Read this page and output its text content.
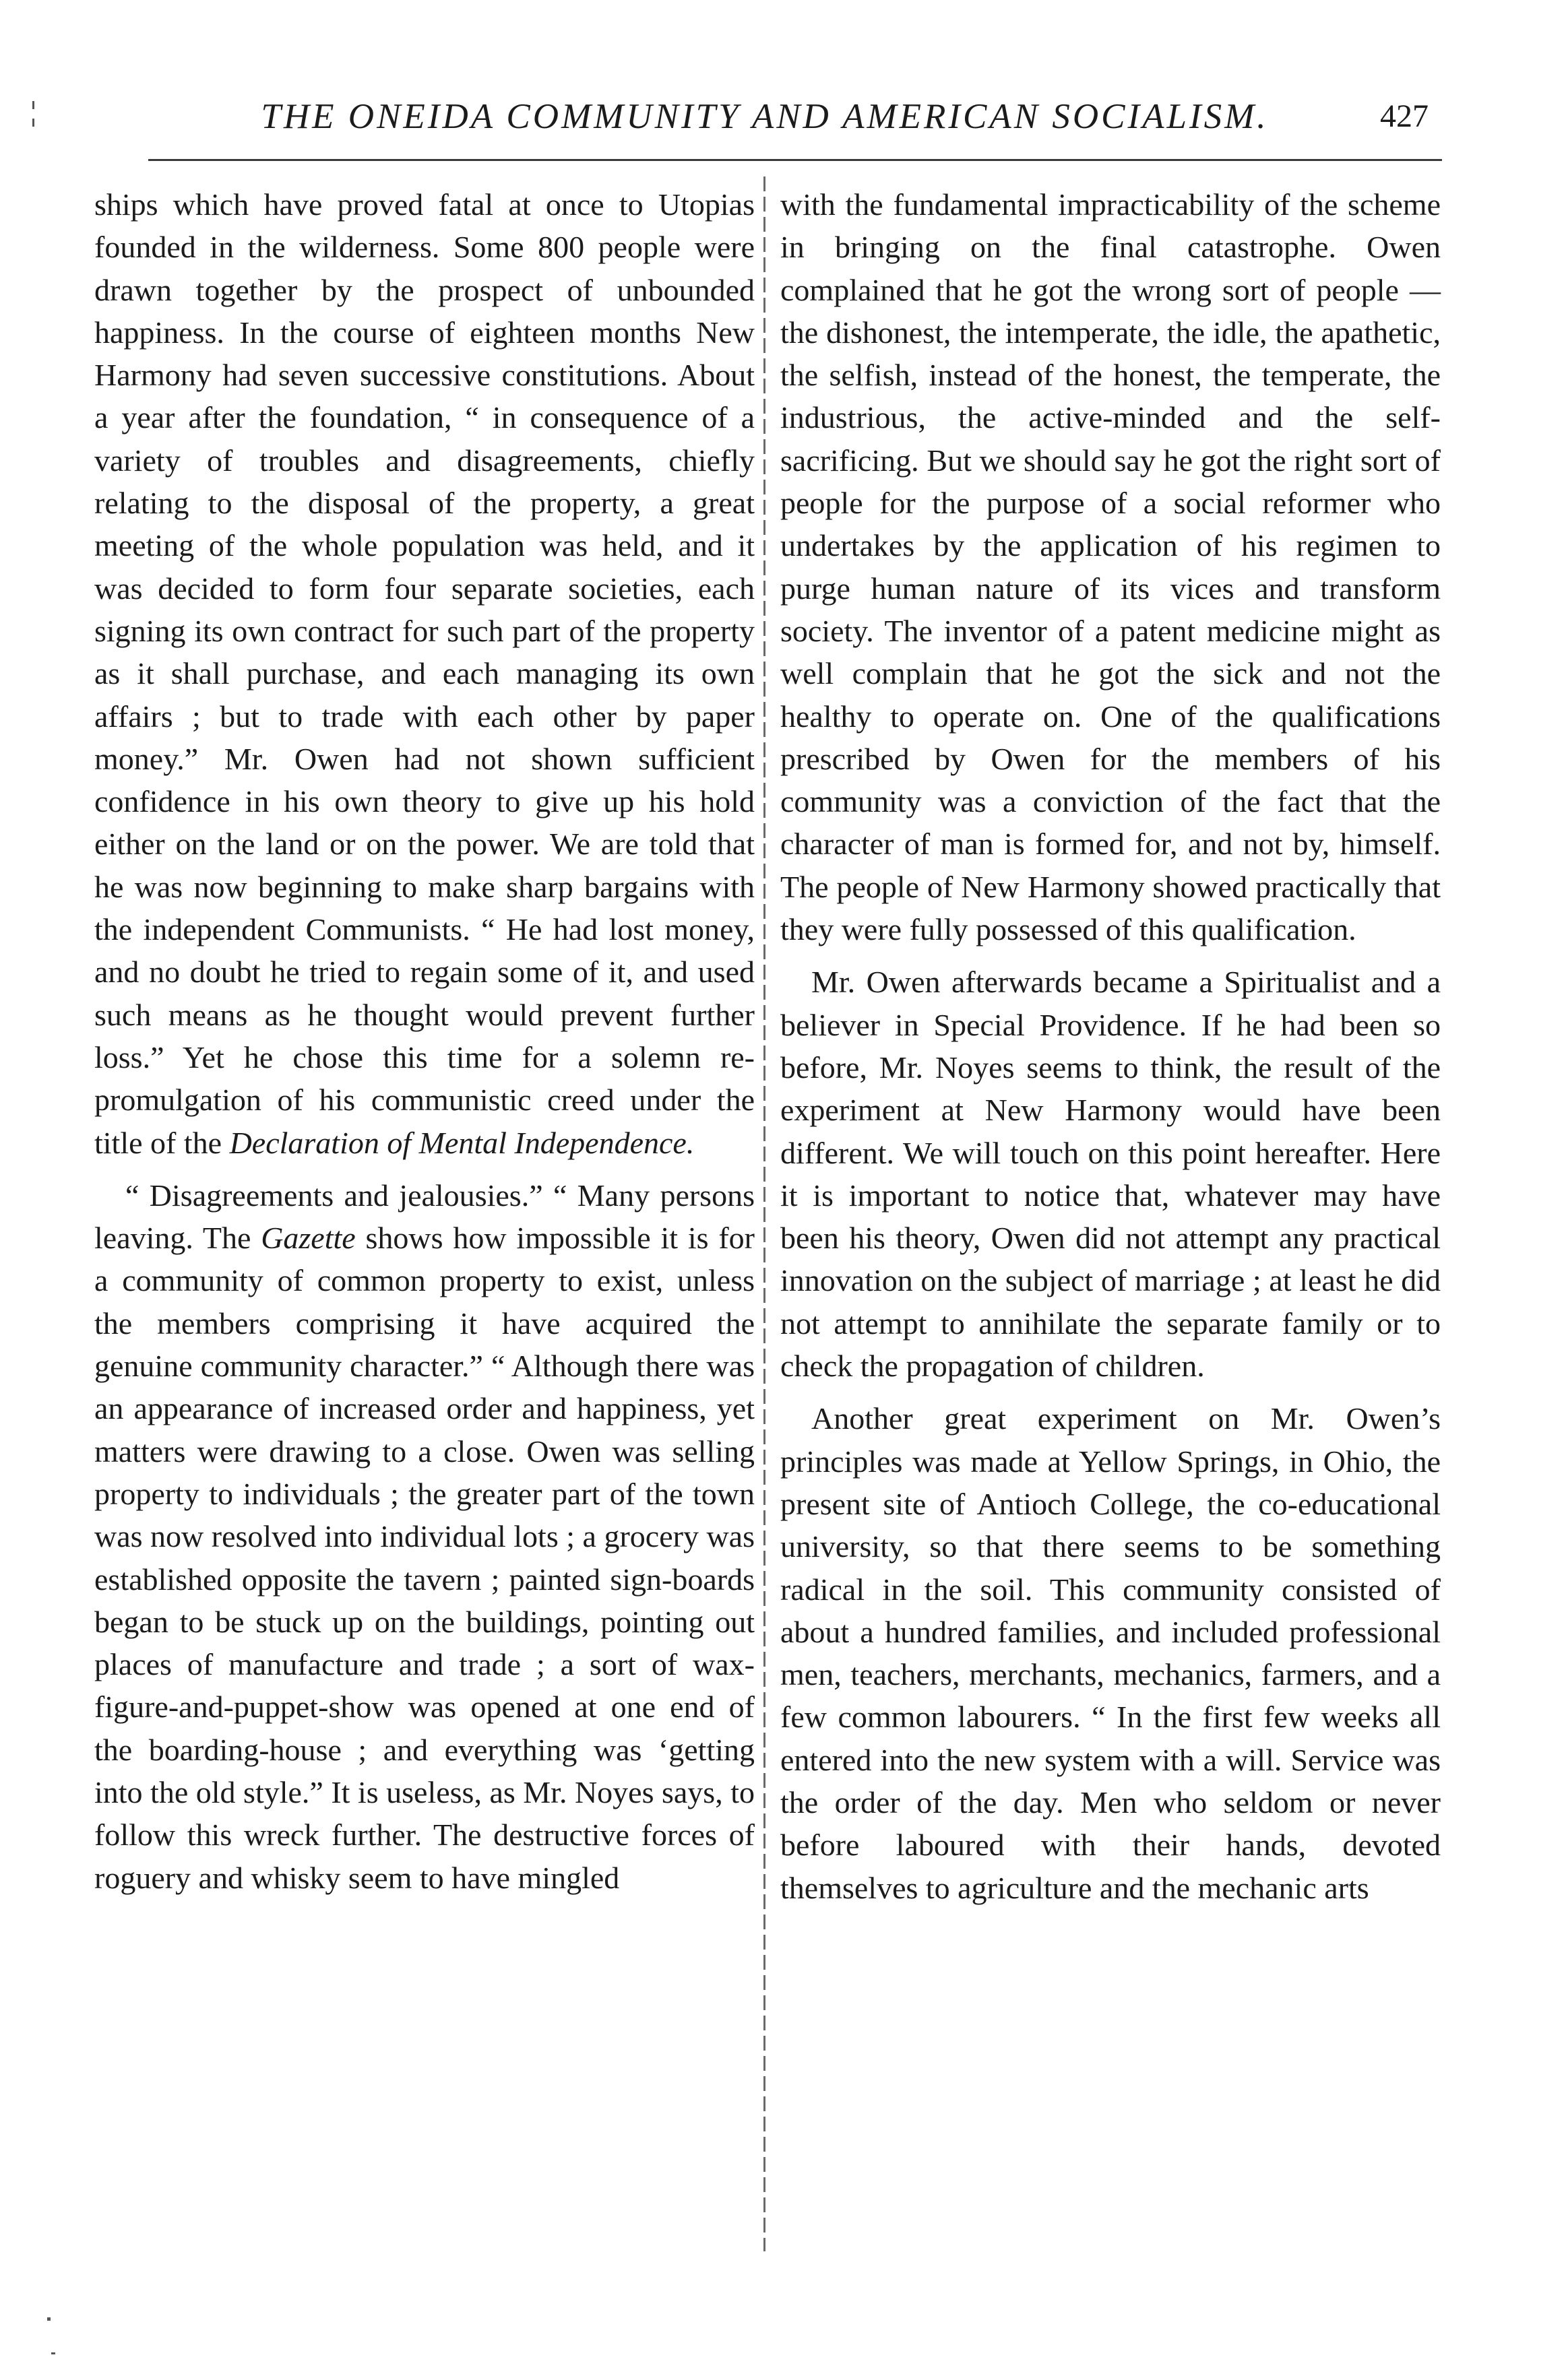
THE ONEIDA COMMUNITY AND AMERICAN SOCIALISM.	427

ships which have proved fatal at once to Utopias founded in the wilderness. Some 800 people were drawn together by the prospect of unbounded happiness. In the course of eighteen months New Harmony had seven successive constitutions. About a year after the foundation, “ in consequence of a variety of troubles and disagreements, chiefly relating to the disposal of the property, a great meeting of the whole population was held, and it was decided to form four separate societies, each signing its own contract for such part of the property as it shall purchase, and each managing its own affairs ; but to trade with each other by paper money.” Mr. Owen had not shown sufficient confidence in his own theory to give up his hold either on the land or on the power. We are told that he was now beginning to make sharp bargains with the independent Communists. “ He had lost money, and no doubt he tried to regain some of it, and used such means as he thought would prevent further loss.” Yet he chose this time for a solemn re-promulgation of his communistic creed under the title of the Declaration of Mental Independence.

“ Disagreements and jealousies.” “ Many persons leaving. The Gazette shows how impossible it is for a community of common property to exist, unless the members comprising it have acquired the genuine community character.” “ Although there was an appearance of increased order and happiness, yet matters were drawing to a close. Owen was selling property to individuals ; the greater part of the town was now resolved into individual lots ; a grocery was established opposite the tavern ; painted sign-boards began to be stuck up on the buildings, pointing out places of manufacture and trade ; a sort of wax-figure-and-puppet-show was opened at one end of the boarding-house ; and everything was ‘getting into the old style.” It is useless, as Mr. Noyes says, to follow this wreck further. The destructive forces of roguery and whisky seem to have mingled

with the fundamental impracticability of the scheme in bringing on the final catastrophe. Owen complained that he got the wrong sort of people — the dishonest, the intemperate, the idle, the apathetic, the selfish, instead of the honest, the temperate, the industrious, the active-minded and the self-sacrificing. But we should say he got the right sort of people for the purpose of a social reformer who undertakes by the application of his regimen to purge human nature of its vices and transform society. The inventor of a patent medicine might as well complain that he got the sick and not the healthy to operate on. One of the qualifications prescribed by Owen for the members of his community was a conviction of the fact that the character of man is formed for, and not by, himself. The people of New Harmony showed practically that they were fully possessed of this qualification.

Mr. Owen afterwards became a Spiritualist and a believer in Special Providence. If he had been so before, Mr. Noyes seems to think, the result of the experiment at New Harmony would have been different. We will touch on this point hereafter. Here it is important to notice that, whatever may have been his theory, Owen did not attempt any practical innovation on the subject of marriage ; at least he did not attempt to annihilate the separate family or to check the propagation of children.

Another great experiment on Mr. Owen’s principles was made at Yellow Springs, in Ohio, the present site of Antioch College, the co-educational university, so that there seems to be something radical in the soil. This community consisted of about a hundred families, and included professional men, teachers, merchants, mechanics, farmers, and a few common labourers. “ In the first few weeks all entered into the new system with a will. Service was the order of the day. Men who seldom or never before laboured with their hands, devoted themselves to agriculture and the mechanic arts
